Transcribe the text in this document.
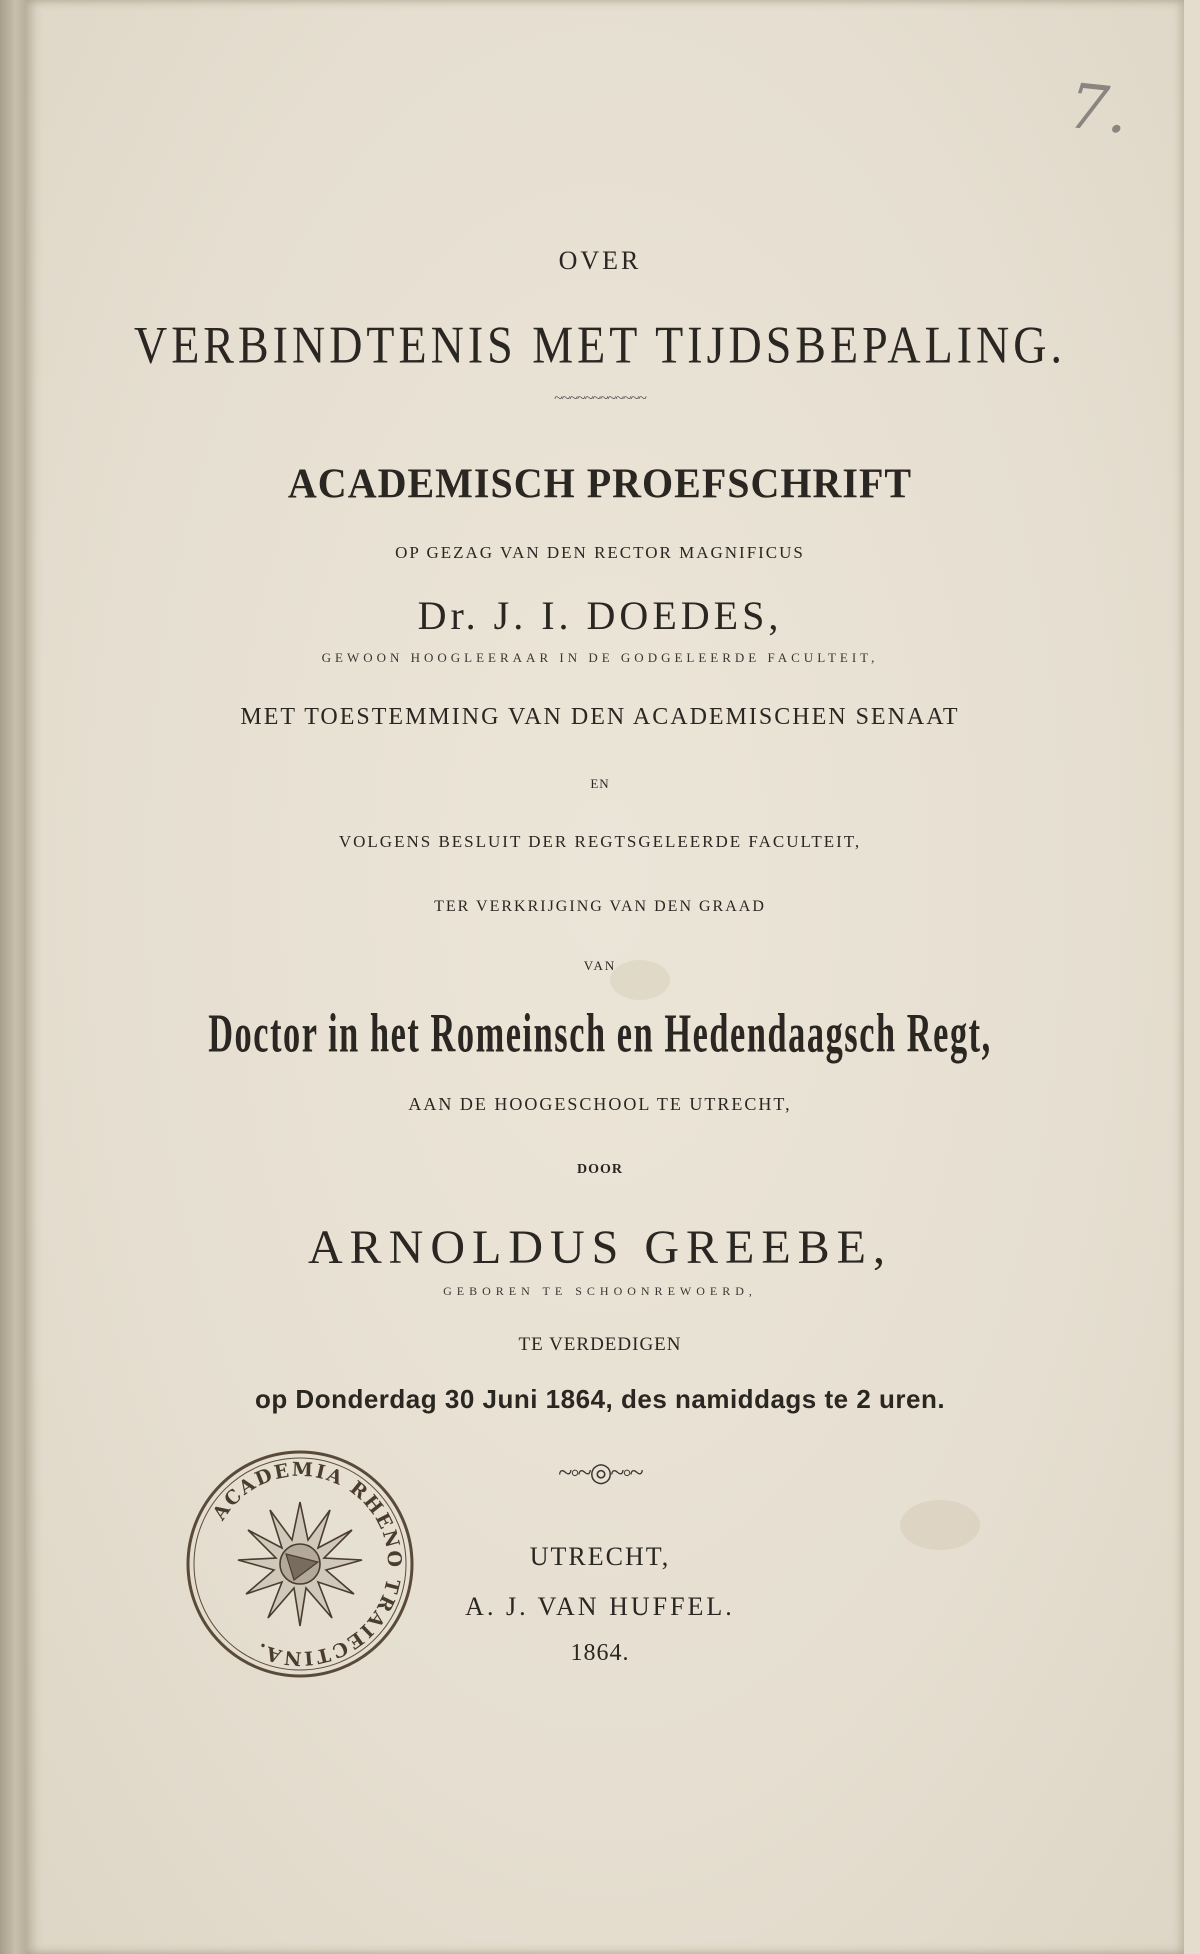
7.
OVER
VERBINDTENIS MET TIJDSBEPALING.
~~~~~~~~~~~~
ACADEMISCH PROEFSCHRIFT
OP GEZAG VAN DEN RECTOR MAGNIFICUS
Dr. J. I. DOEDES,
GEWOON HOOGLEERAAR IN DE GODGELEERDE FACULTEIT,
MET TOESTEMMING VAN DEN ACADEMISCHEN SENAAT
EN
VOLGENS BESLUIT DER REGTSGELEERDE FACULTEIT,
TER VERKRIJGING VAN DEN GRAAD
VAN
Doctor in het Romeinsch en Hedendaagsch Regt,
AAN DE HOOGESCHOOL TE UTRECHT,
DOOR
ARNOLDUS GREEBE,
GEBOREN TE SCHOONREWOERD,
TE VERDEDIGEN
op Donderdag 30 Juni 1864, des namiddags te 2 uren.
~◦~◎~◦~
UTRECHT,
A. J. VAN HUFFEL.
1864.
ACADEMIA RHENO TRAIECTINA.
